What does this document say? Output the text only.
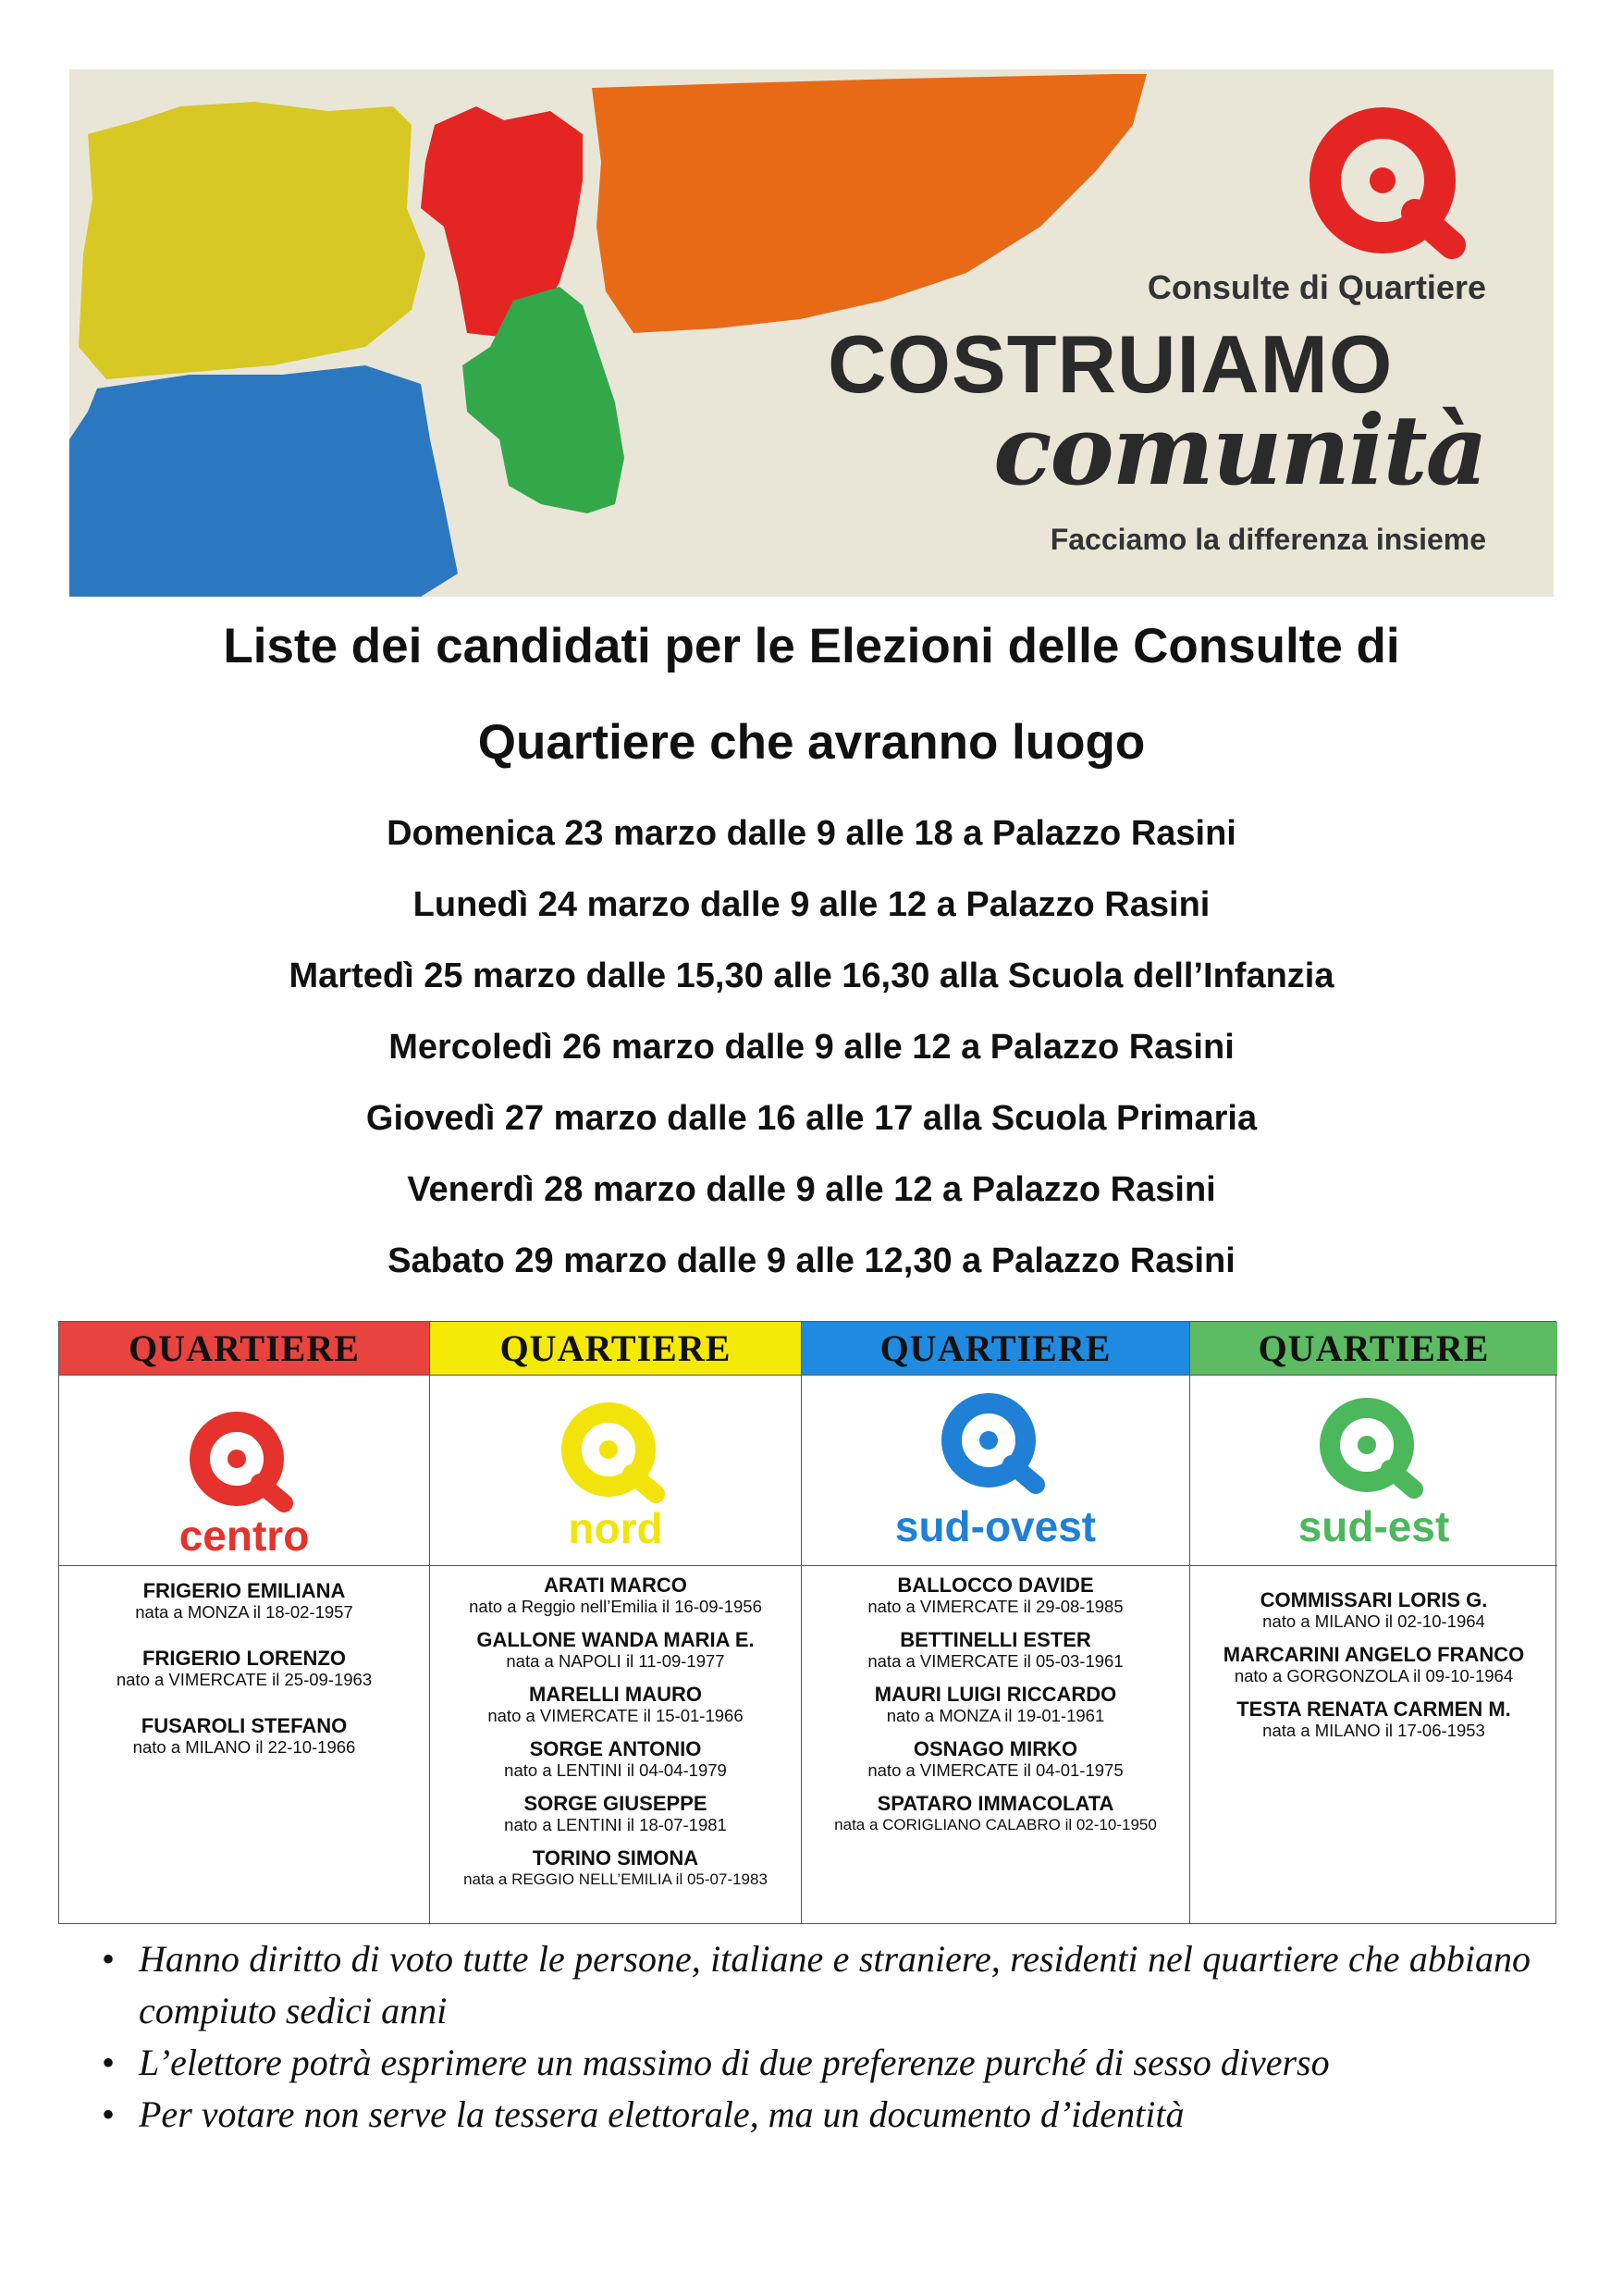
Consulte di Quartiere
COSTRUIAMO
comunità
Facciamo la differenza insieme
Liste dei candidati per le Elezioni delle Consulte di
Quartiere che avranno luogo
Domenica 23 marzo dalle 9 alle 18 a Palazzo Rasini
Lunedì 24 marzo dalle 9 alle 12 a Palazzo Rasini
Martedì 25 marzo dalle 15,30 alle 16,30 alla Scuola dell’Infanzia
Mercoledì 26 marzo dalle 9 alle 12 a Palazzo Rasini
Giovedì 27 marzo dalle 16 alle 17 alla Scuola Primaria
Venerdì 28 marzo dalle 9 alle 12 a Palazzo Rasini
Sabato 29 marzo dalle 9 alle 12,30 a Palazzo Rasini
QUARTIERE
centro
FRIGERIO EMILIANA
nata a MONZA il 18-02-1957
FRIGERIO LORENZO
nato a VIMERCATE il 25-09-1963
FUSAROLI STEFANO
nato a MILANO il 22-10-1966
QUARTIERE
nord
ARATI MARCO
nato a Reggio nell’Emilia il 16-09-1956
GALLONE WANDA MARIA E.
nata a NAPOLI il 11-09-1977
MARELLI MAURO
nato a VIMERCATE il 15-01-1966
SORGE ANTONIO
nato a LENTINI il 04-04-1979
SORGE GIUSEPPE
nato a LENTINI il 18-07-1981
TORINO SIMONA
nata a REGGIO NELL’EMILIA il 05-07-1983
QUARTIERE
sud-ovest
BALLOCCO DAVIDE
nato a VIMERCATE il 29-08-1985
BETTINELLI ESTER
nata a VIMERCATE il 05-03-1961
MAURI LUIGI RICCARDO
nato a MONZA il 19-01-1961
OSNAGO MIRKO
nato a VIMERCATE il 04-01-1975
SPATARO IMMACOLATA
nata a CORIGLIANO CALABRO il 02-10-1950
QUARTIERE
sud-est
COMMISSARI LORIS G.
nato a MILANO il 02-10-1964
MARCARINI ANGELO FRANCO
nato a GORGONZOLA il 09-10-1964
TESTA RENATA CARMEN M.
nata a MILANO il 17-06-1953

• Hanno diritto di voto tutte le persone, italiane e straniere, residenti nel quartiere che abbiano compiuto sedici anni

• L’elettore potrà esprimere un massimo di due preferenze purché di sesso diverso

• Per votare non serve la tessera elettorale, ma un documento d’identità
